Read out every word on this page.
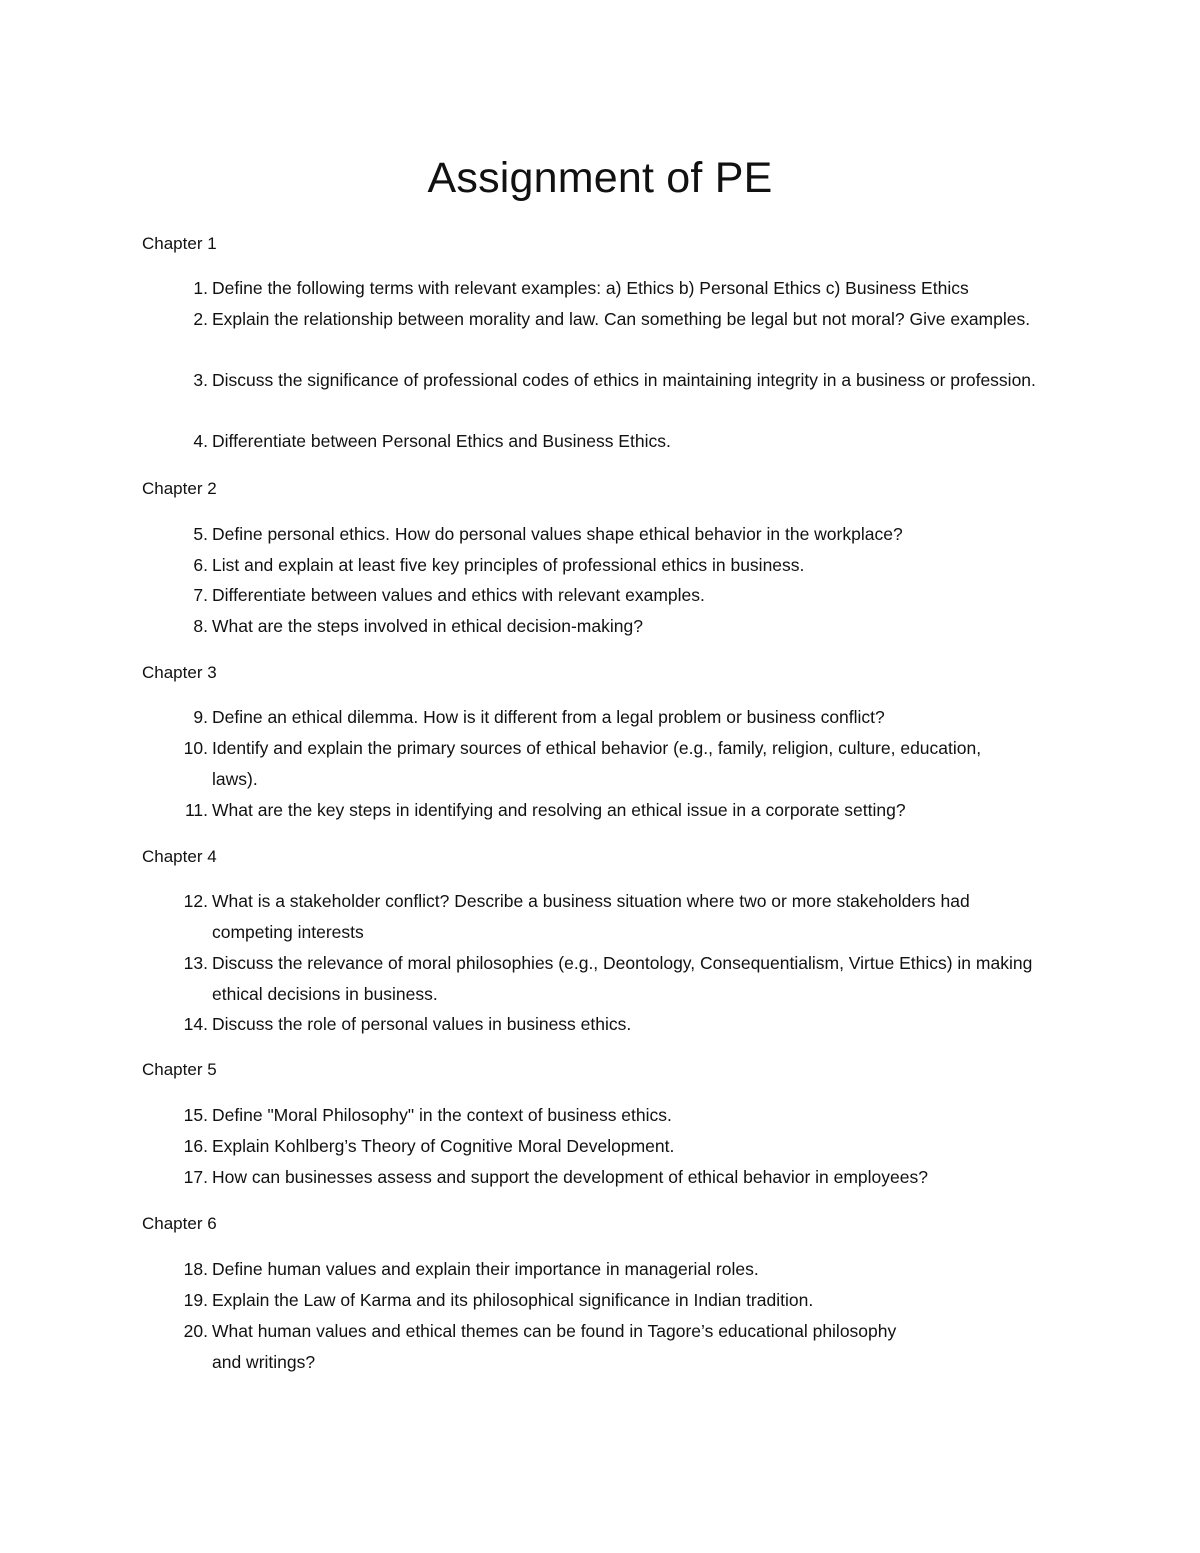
Assignment of PE

Chapter 1

1. Define the following terms with relevant examples: a) Ethics b) Personal Ethics c) Business Ethics
2. Explain the relationship between morality and law. Can something be legal but not moral? Give examples.
3. Discuss the significance of professional codes of ethics in maintaining integrity in a business or profession.
4. Differentiate between Personal Ethics and Business Ethics.

Chapter 2

5. Define personal ethics. How do personal values shape ethical behavior in the workplace?
6. List and explain at least five key principles of professional ethics in business.
7. Differentiate between values and ethics with relevant examples.
8. What are the steps involved in ethical decision-making?

Chapter 3

9. Define an ethical dilemma. How is it different from a legal problem or business conflict?
10. Identify and explain the primary sources of ethical behavior (e.g., family, religion, culture, education, laws).
11. What are the key steps in identifying and resolving an ethical issue in a corporate setting?

Chapter 4

12. What is a stakeholder conflict? Describe a business situation where two or more stakeholders had competing interests
13. Discuss the relevance of moral philosophies (e.g., Deontology, Consequentialism, Virtue Ethics) in making ethical decisions in business.
14. Discuss the role of personal values in business ethics.

Chapter 5

15. Define "Moral Philosophy" in the context of business ethics.
16. Explain Kohlberg’s Theory of Cognitive Moral Development.
17. How can businesses assess and support the development of ethical behavior in employees?

Chapter 6

18. Define human values and explain their importance in managerial roles.
19. Explain the Law of Karma and its philosophical significance in Indian tradition.
20. What human values and ethical themes can be found in Tagore’s educational philosophy and writings?
